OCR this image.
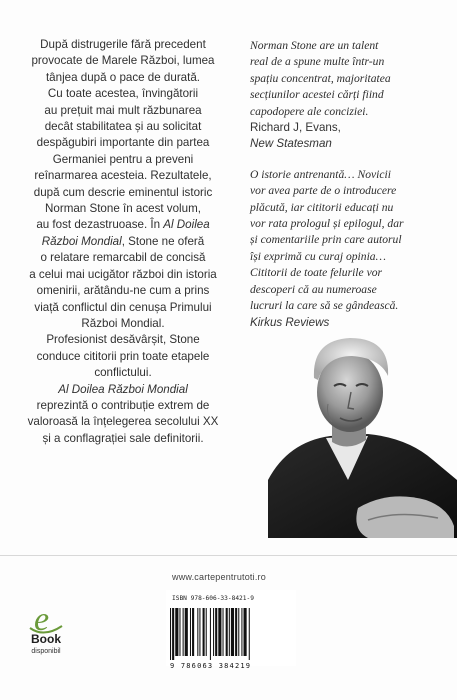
După distrugerile fără precedent

provocate de Marele Război, lumea

tânjea după o pace de durată.

Cu toate acestea, învingătorii

au prețuit mai mult răzbunarea

decât stabilitatea și au solicitat

despăgubiri importante din partea

Germaniei pentru a preveni

reînarmarea acesteia. Rezultatele,

după cum descrie eminentul istoric

Norman Stone în acest volum,

au fost dezastruoase. În Al Doilea

Război Mondial, Stone ne oferă

o relatare remarcabil de concisă

a celui mai ucigător război din istoria

omenirii, arătându-ne cum a prins

viață conflictul din cenușa Primului

Război Mondial.

Profesionist desăvârșit, Stone

conduce cititorii prin toate etapele

conflictului.

Al Doilea Război Mondial

reprezintă o contribuție extrem de

valoroasă la înțelegerea secolului XX

și a conflagrației sale definitorii.

Norman Stone are un talent

real de a spune multe într-un

spațiu concentrat, majoritatea

secțiunilor acestei cărți fiind

capodopere ale conciziei.

Richard J, Evans,

New Statesman

O istorie antrenantă… Novicii

vor avea parte de o introducere

plăcută, iar cititorii educați nu

vor rata prologul și epilogul, dar

și comentariile prin care autorul

își exprimă cu curaj opinia…

Cititorii de toate felurile vor

descoperi că au numeroase

lucruri la care să se gândească.

Kirkus Reviews

www.cartepentrutoti.ro
e
Book
disponibil
ISBN 978-606-33-8421-9
9 786063 384219
